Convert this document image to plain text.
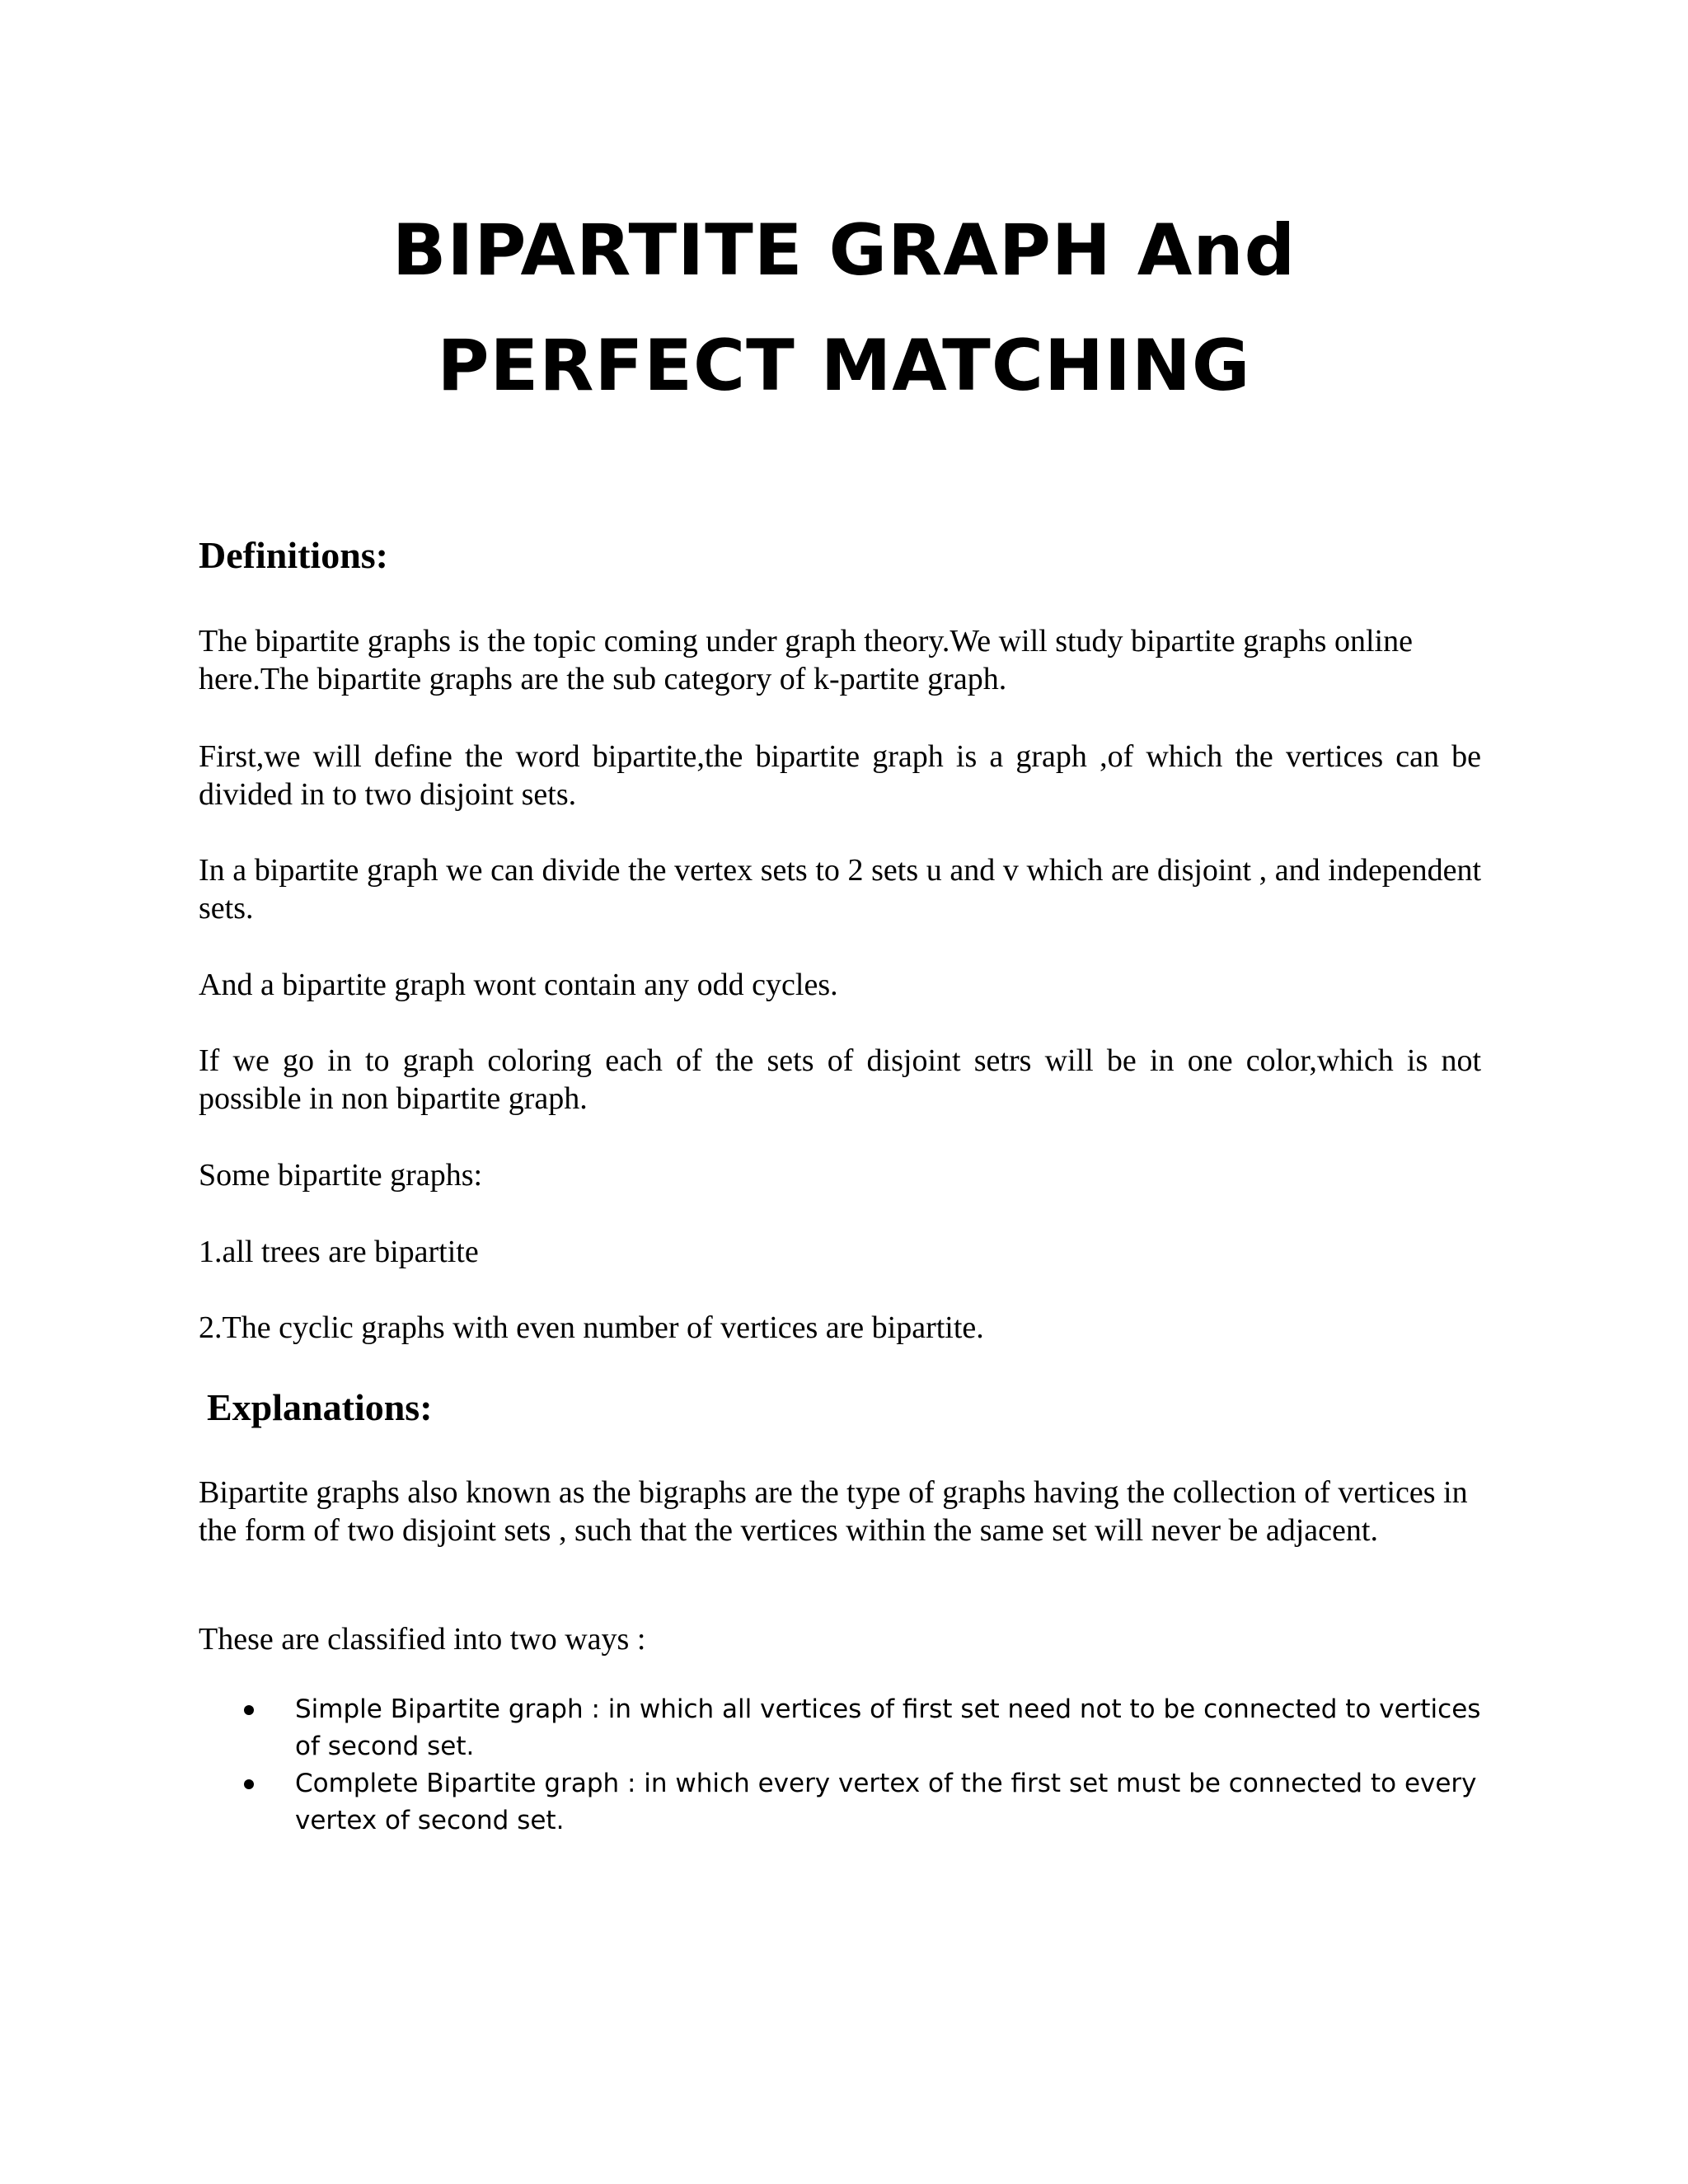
BIPARTITE GRAPH And
PERFECT MATCHING
Definitions:

The bipartite graphs is the topic coming under graph theory.We will study bipartite graphs online here.The bipartite graphs are the sub category of k-partite graph.

First,we will define the word bipartite,the bipartite graph is a graph ,of which the vertices can be divided in to two disjoint sets.

In a bipartite graph we can divide the vertex sets to 2 sets u and v which are disjoint , and independent sets.

And a bipartite graph wont contain any odd cycles.

If we go in to graph coloring each of the sets of disjoint setrs will be in one color,which is not possible in non bipartite graph.

Some bipartite graphs:

1.all trees are bipartite

2.The cyclic graphs with even number of vertices are bipartite.

Explanations:

Bipartite graphs also known as the bigraphs are the type of graphs having the collection of vertices in the form of two disjoint sets , such that the vertices within the same set will never be adjacent.

These are classified into two ways :

Simple Bipartite graph : in which all vertices of first set need not to be connected to vertices of second set.
Complete Bipartite graph : in which every vertex of the first set must be connected to every vertex of second set.
